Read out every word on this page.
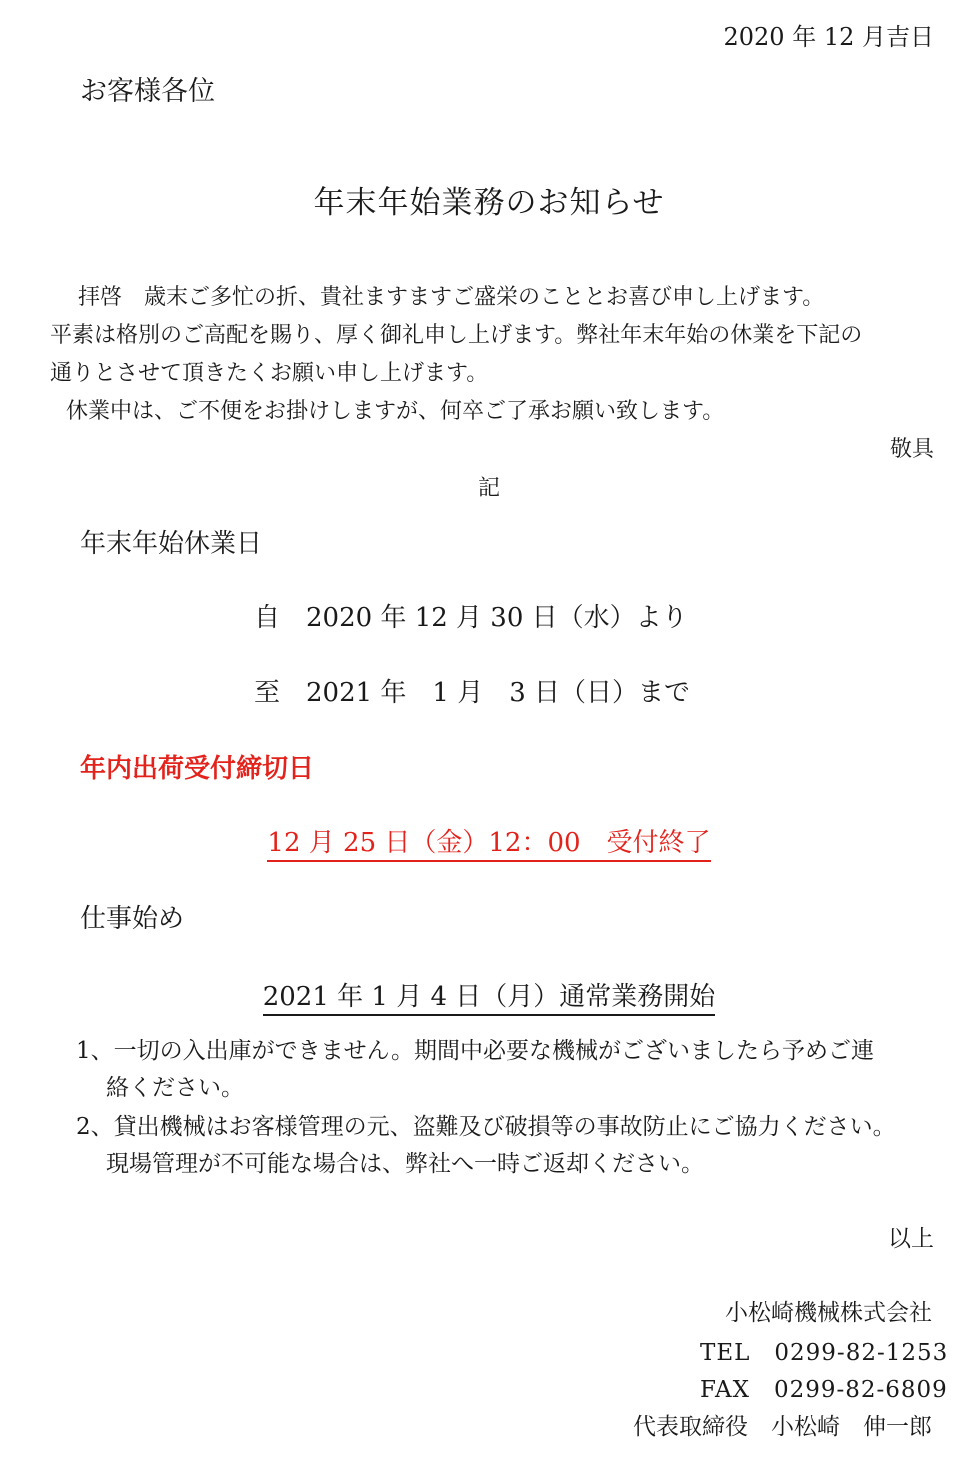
2020 年 12 月吉日
お客様各位
年末年始業務のお知らせ
拝啓　歳末ご多忙の折、貴社ますますご盛栄のこととお喜び申し上げます。
平素は格別のご高配を賜り、厚く御礼申し上げます。弊社年末年始の休業を下記の
通りとさせて頂きたくお願い申し上げます。
休業中は、ご不便をお掛けしますが、何卒ご了承お願い致します。
敬具
記
年末年始休業日
自　2020 年 12 月 30 日（水）より
至　2021 年　1 月　3 日（日）まで
年内出荷受付締切日
12 月 25 日（金）12：00　受付終了
仕事始め
2021 年 1 月 4 日（月）通常業務開始
1、一切の入出庫ができません。期間中必要な機械がございましたら予めご連
絡ください。
2、貸出機械はお客様管理の元、盗難及び破損等の事故防止にご協力ください。
現場管理が不可能な場合は、弊社へ一時ご返却ください。
以上
小松崎機械株式会社
TEL　0299-82-1253
FAX　0299-82-6809
代表取締役　小松崎　伸一郎
